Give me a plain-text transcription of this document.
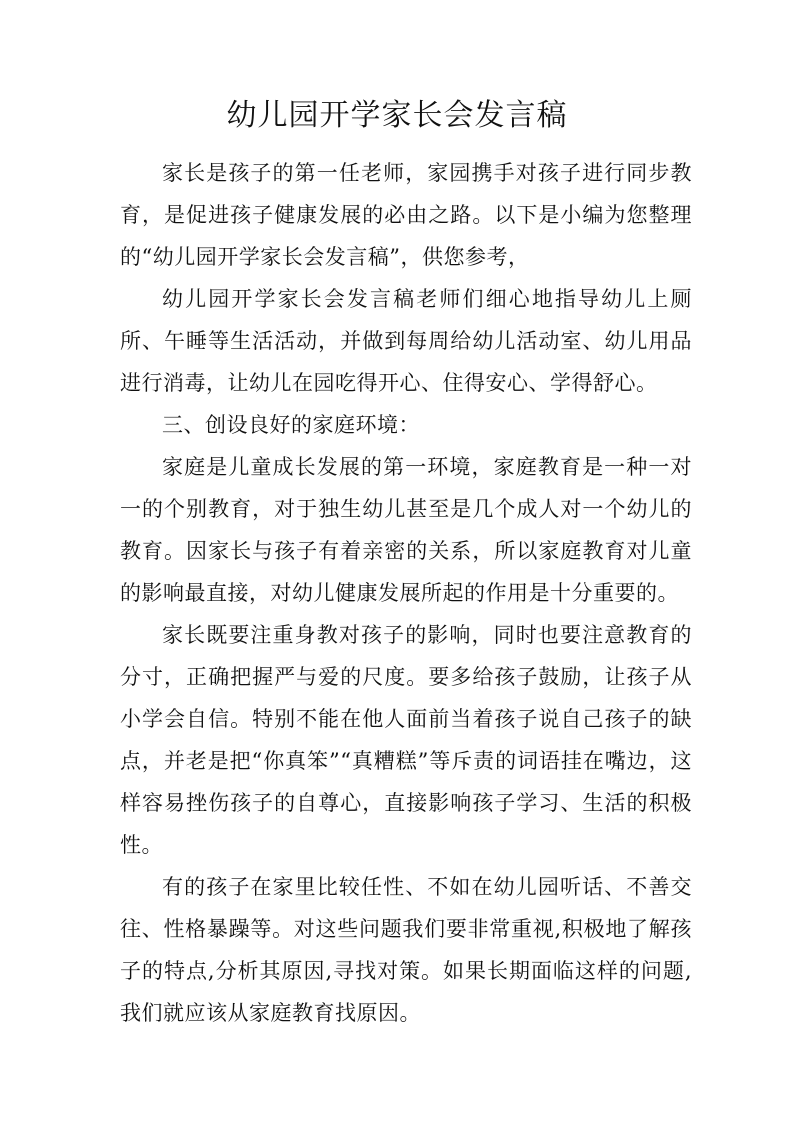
幼儿园开学家长会发言稿

家长是孩子的第一任老师，家园携手对孩子进行同步教育，是促进孩子健康发展的必由之路。以下是小编为您整理的“幼儿园开学家长会发言稿”，供您参考，

幼儿园开学家长会发言稿老师们细心地指导幼儿上厕所、午睡等生活活动，并做到每周给幼儿活动室、幼儿用品进行消毒，让幼儿在园吃得开心、住得安心、学得舒心。

三、创设良好的家庭环境：

家庭是儿童成长发展的第一环境，家庭教育是一种一对一的个别教育，对于独生幼儿甚至是几个成人对一个幼儿的教育。因家长与孩子有着亲密的关系，所以家庭教育对儿童的影响最直接，对幼儿健康发展所起的作用是十分重要的。

家长既要注重身教对孩子的影响，同时也要注意教育的分寸，正确把握严与爱的尺度。要多给孩子鼓励，让孩子从小学会自信。特别不能在他人面前当着孩子说自己孩子的缺点，并老是把“你真笨”“真糟糕”等斥责的词语挂在嘴边，这样容易挫伤孩子的自尊心，直接影响孩子学习、生活的积极性。

有的孩子在家里比较任性、不如在幼儿园听话、不善交往、性格暴躁等。对这些问题我们要非常重视,积极地了解孩子的特点,分析其原因,寻找对策。如果长期面临这样的问题,我们就应该从家庭教育找原因。
